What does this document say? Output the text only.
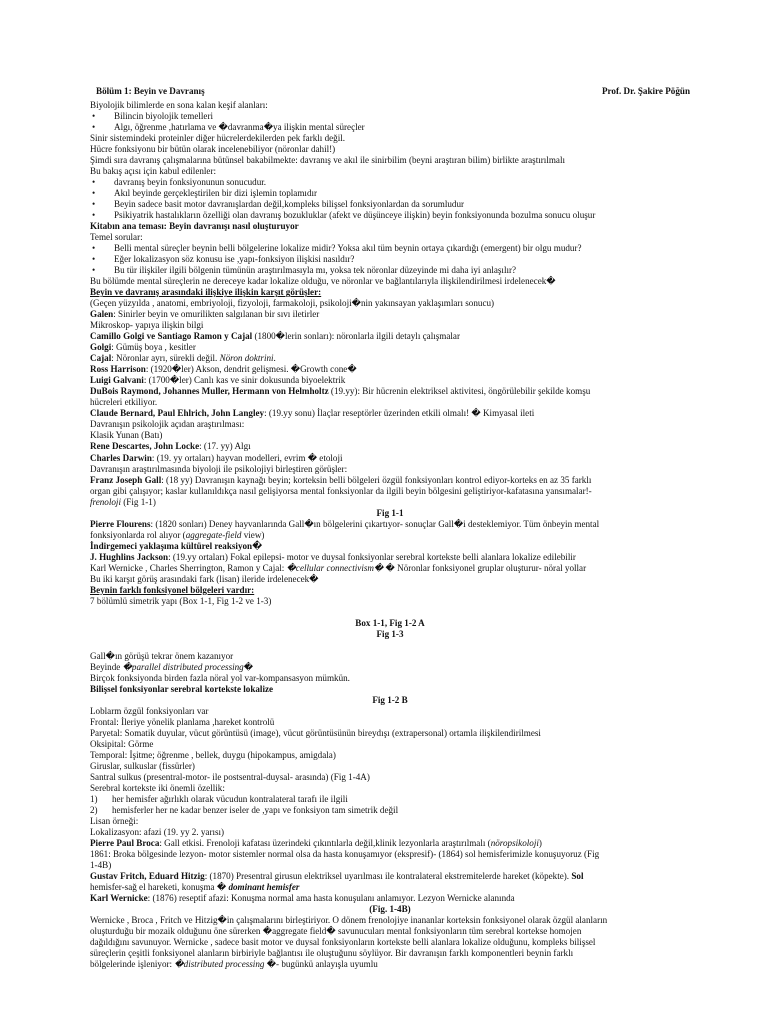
Bölüm 1: Beyin ve Davranış	Prof. Dr. Şakire Pöğün
Biyolojik bilimlerde en sona kalan keşif alanları:
• Bilincin biyolojik temelleri
• Algı, öğrenme ,hatırlama ve �davranma�ya ilişkin mental süreçler
Sinir sistemindeki proteinler diğer hücrelerdekilerden pek farklı değil.
Hücre fonksiyonu bir bütün olarak incelenebiliyor (nöronlar dahil!)
Şimdi sıra davranış çalışmalarına bütünsel bakabilmekte: davranış ve akıl ile sinirbilim (beyni araştıran bilim) birlikte araştırılmalı
Bu bakış açısı için kabul edilenler:
• davranış beyin fonksiyonunun sonucudur.
• Akıl beyinde gerçekleştirilen bir dizi işlemin toplamıdır
• Beyin sadece basit motor davranışlardan değil,kompleks bilişsel fonksiyonlardan da sorumludur
• Psikiyatrik hastalıkların özelliği olan davranış bozukluklar (afekt ve düşünceye ilişkin) beyin fonksiyonunda bozulma sonucu oluşur
Kitabın ana teması: Beyin davranışı nasıl oluşturuyor
Temel sorular:
• Belli mental süreçler beynin belli bölgelerine lokalize midir? Yoksa akıl tüm beynin ortaya çıkardığı (emergent) bir olgu mudur?
• Eğer lokalizasyon söz konusu ise ,yapı-fonksiyon ilişkisi nasıldır?
• Bu tür ilişkiler ilgili bölgenin tümünün araştırılmasıyla mı, yoksa tek nöronlar düzeyinde mi daha iyi anlaşılır?
Bu bölümde mental süreçlerin ne dereceye kadar lokalize olduğu, ve nöronlar ve bağlantılarıyla ilişkilendirilmesi irdelenecek�
Beyin ve davranış arasındaki ilişkiye ilişkin karşıt görüşler:
(Geçen yüzyılda , anatomi, embriyoloji, fizyoloji, farmakoloji, psikoloji�nin yakınsayan yaklaşımları sonucu)
Galen: Sinirler beyin ve omurilikten salgılanan bir sıvı iletirler
Mikroskop- yapıya ilişkin bilgi
Camillo Golgi ve Santiago Ramon y Cajal (1800�lerin sonları): nöronlarla ilgili detaylı çalışmalar
Golgi: Gümüş boya , kesitler
Cajal: Nöronlar ayrı, sürekli değil. Nöron doktrini.
Ross Harrison: (1920�ler) Akson, dendrit gelişmesi. �Growth cone�
Luigi Galvani: (1700�ler) Canlı kas ve sinir dokusunda biyoelektrik
DuBois Raymond, Johannes Muller, Hermann von Helmholtz (19.yy): Bir hücrenin elektriksel aktivitesi, öngörülebilir şekilde komşu
hücreleri etkiliyor.
Claude Bernard, Paul Ehlrich, John Langley: (19.yy sonu) İlaçlar reseptörler üzerinden etkili olmalı! � Kimyasal ileti
Davranışın psikolojik açıdan araştırılması:
Klasik Yunan (Batı)
Rene Descartes, John Locke: (17. yy) Algı
Charles Darwin: (19. yy ortaları) hayvan modelleri, evrim � etoloji
Davranışın araştırılmasında biyoloji ile psikolojiyi birleştiren görüşler:
Franz Joseph Gall: (18 yy) Davranışın kaynağı beyin; korteksin belli bölgeleri özgül fonksiyonları kontrol ediyor-korteks en az 35 farklı
organ gibi çalışıyor; kaslar kullanıldıkça nasıl gelişiyorsa mental fonksiyonlar da ilgili beyin bölgesini geliştiriyor-kafatasına yansımalar!-
frenoloji (Fig 1-1)
Fig 1-1
Pierre Flourens: (1820 sonları) Deney hayvanlarında Gall�ın bölgelerini çıkartıyor- sonuçlar Gall�i desteklemiyor. Tüm önbeyin mental
fonksiyonlarda rol alıyor (aggregate-field view)
İndirgemeci yaklaşıma kültürel reaksiyon�
J. Hughlins Jackson: (19.yy ortaları) Fokal epilepsi- motor ve duysal fonksiyonlar serebral kortekste belli alanlara lokalize edilebilir
Karl Wernicke , Charles Sherrington, Ramon y Cajal: �cellular connectivism� � Nöronlar fonksiyonel gruplar oluşturur- nöral yollar
Bu iki karşıt görüş arasındaki fark (lisan) ileride irdelenecek�
Beynin farklı fonksiyonel bölgeleri vardır:
7 bölümlü simetrik yapı (Box 1-1, Fig 1-2 ve 1-3)
Box 1-1, Fig 1-2 A
Fig 1-3
Gall�ın görüşü tekrar önem kazanıyor
Beyinde �parallel distributed processing�
Birçok fonksiyonda birden fazla nöral yol var-kompansasyon mümkün.
Bilişsel fonksiyonlar serebral kortekste lokalize
Fig 1-2 B
Loblarm özgül fonksiyonları var
Frontal: İleriye yönelik planlama ,hareket kontrolü
Paryetal: Somatik duyular, vücut görüntüsü (image), vücut görüntüsünün bireydışı (extrapersonal) ortamla ilişkilendirilmesi
Oksipital: Görme
Temporal: İşitme; öğrenme , bellek, duygu (hipokampus, amigdala)
Giruslar, sulkuslar (fissürler)
Santral sulkus (presentral-motor- ile postsentral-duysal- arasında) (Fig 1-4A)
Serebral kortekste iki önemli özellik:
1) her hemisfer ağırlıklı olarak vücudun kontralateral tarafı ile ilgili
2) hemisferler her ne kadar benzer iseler de ,yapı ve fonksiyon tam simetrik değil
Lisan örneği:
Lokalizasyon: afazi (19. yy 2. yarısı)
Pierre Paul Broca: Gall etkisi. Frenoloji kafatası üzerindeki çıkıntılarla değil,klinik lezyonlarla araştırılmalı (nöropsikoloji)
1861: Broka bölgesinde lezyon- motor sistemler normal olsa da hasta konuşamıyor (ekspresif)- (1864) sol hemisferimizle konuşuyoruz (Fig
1-4B)
Gustav Fritch, Eduard Hitzig: (1870) Presentral girusun elektriksel uyarılması ile kontralateral ekstremitelerde hareket (köpekte). Sol
hemisfer-sağ el hareketi, konuşma � dominant hemisfer
Karl Wernicke: (1876) reseptif afazi: Konuşma normal ama hasta konuşulanı anlamıyor. Lezyon Wernicke alanında
(Fig. 1-4B)
Wernicke , Broca , Fritch ve Hitzig�in çalışmalarını birleştiriyor. O dönem frenolojiye inananlar korteksin fonksiyonel olarak özgül alanların
oluşturduğu bir mozaik olduğunu öne sürerken �aggregate field� savunucuları mental fonksiyonların tüm serebral kortekse homojen
dağıldığını savunuyor. Wernicke , sadece basit motor ve duysal fonksiyonların kortekste belli alanlara lokalize olduğunu, kompleks bilişsel
süreçlerin çeşitli fonksiyonel alanların birbiriyle bağlantısı ile oluştuğunu söylüyor. Bir davranışın farklı komponentleri beynin farklı
bölgelerinde işleniyor: �distributed processing �- bugünkü anlayışla uyumlu
